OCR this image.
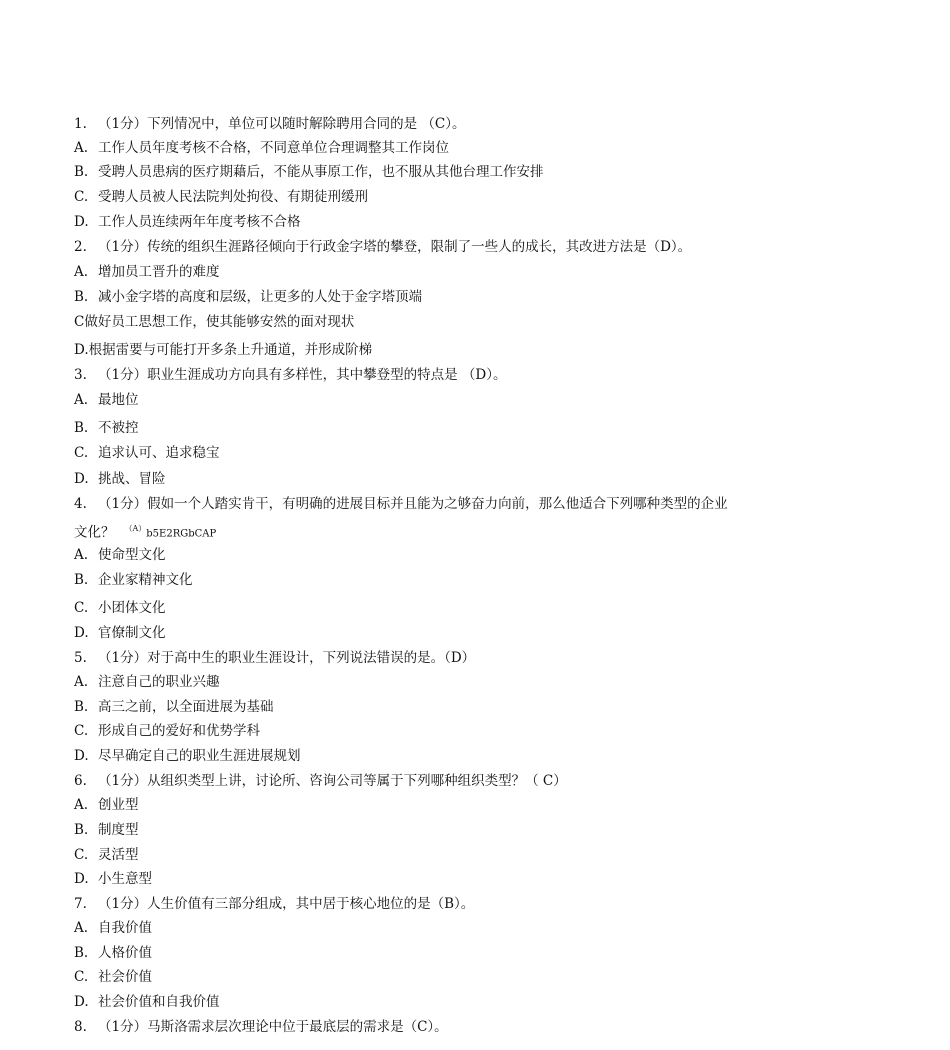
1. （1分）下列情况中，单位可以随时解除聘用合同的是 （C）。
A. 工作人员年度考核不合格，不同意单位合理调整其工作岗位
B. 受聘人员患病的医疗期藉后，不能从事原工作，也不服从其他台理工作安排
C. 受聘人员被人民法院判处拘役、有期徒刑缓刑
D. 工作人员连续两年年度考核不合格
2. （1分）传统的组织生涯路径倾向于行政金字塔的攀登，限制了一些人的成长，其改进方法是（D）。
A. 增加员工晋升的难度
B. 减小金字塔的高度和层级，让更多的人处于金字塔顶端
C做好员工思想工作，使其能够安然的面对现状
D.根据雷要与可能打开多条上升通道，并形成阶梯
3. （1分）职业生涯成功方向具有多样性，其中攀登型的特点是 （D）。
A. 最地位
B. 不被控
C. 追求认可、追求稳宝
D. 挑战、冒险
4. （1分）假如一个人踏实肯干，有明确的进展目标并且能为之够奋力向前，那么他适合下列哪种类型的企业
文化？ $^{(A)}$b5E2RGbCAP
A. 使命型文化
B. 企业家精神文化
C. 小团体文化
D. 官僚制文化
5. （1分）对于高中生的职业生涯设计，下列说法错误的是。（D）
A. 注意自己的职业兴趣
B. 高三之前，以全面进展为基础
C. 形成自己的爱好和优势学科
D. 尽早确定自己的职业生涯进展规划
6. （1分）从组织类型上讲，讨论所、咨询公司等属于下列哪种组织类型？（ C）
A. 创业型
B. 制度型
C. 灵活型
D. 小生意型
7. （1分）人生价值有三部分组成，其中居于核心地位的是（B）。
A. 自我价值
B. 人格价值
C. 社会价值
D. 社会价值和自我价值
8. （1分）马斯洛需求层次理论中位于最底层的需求是（C）。
